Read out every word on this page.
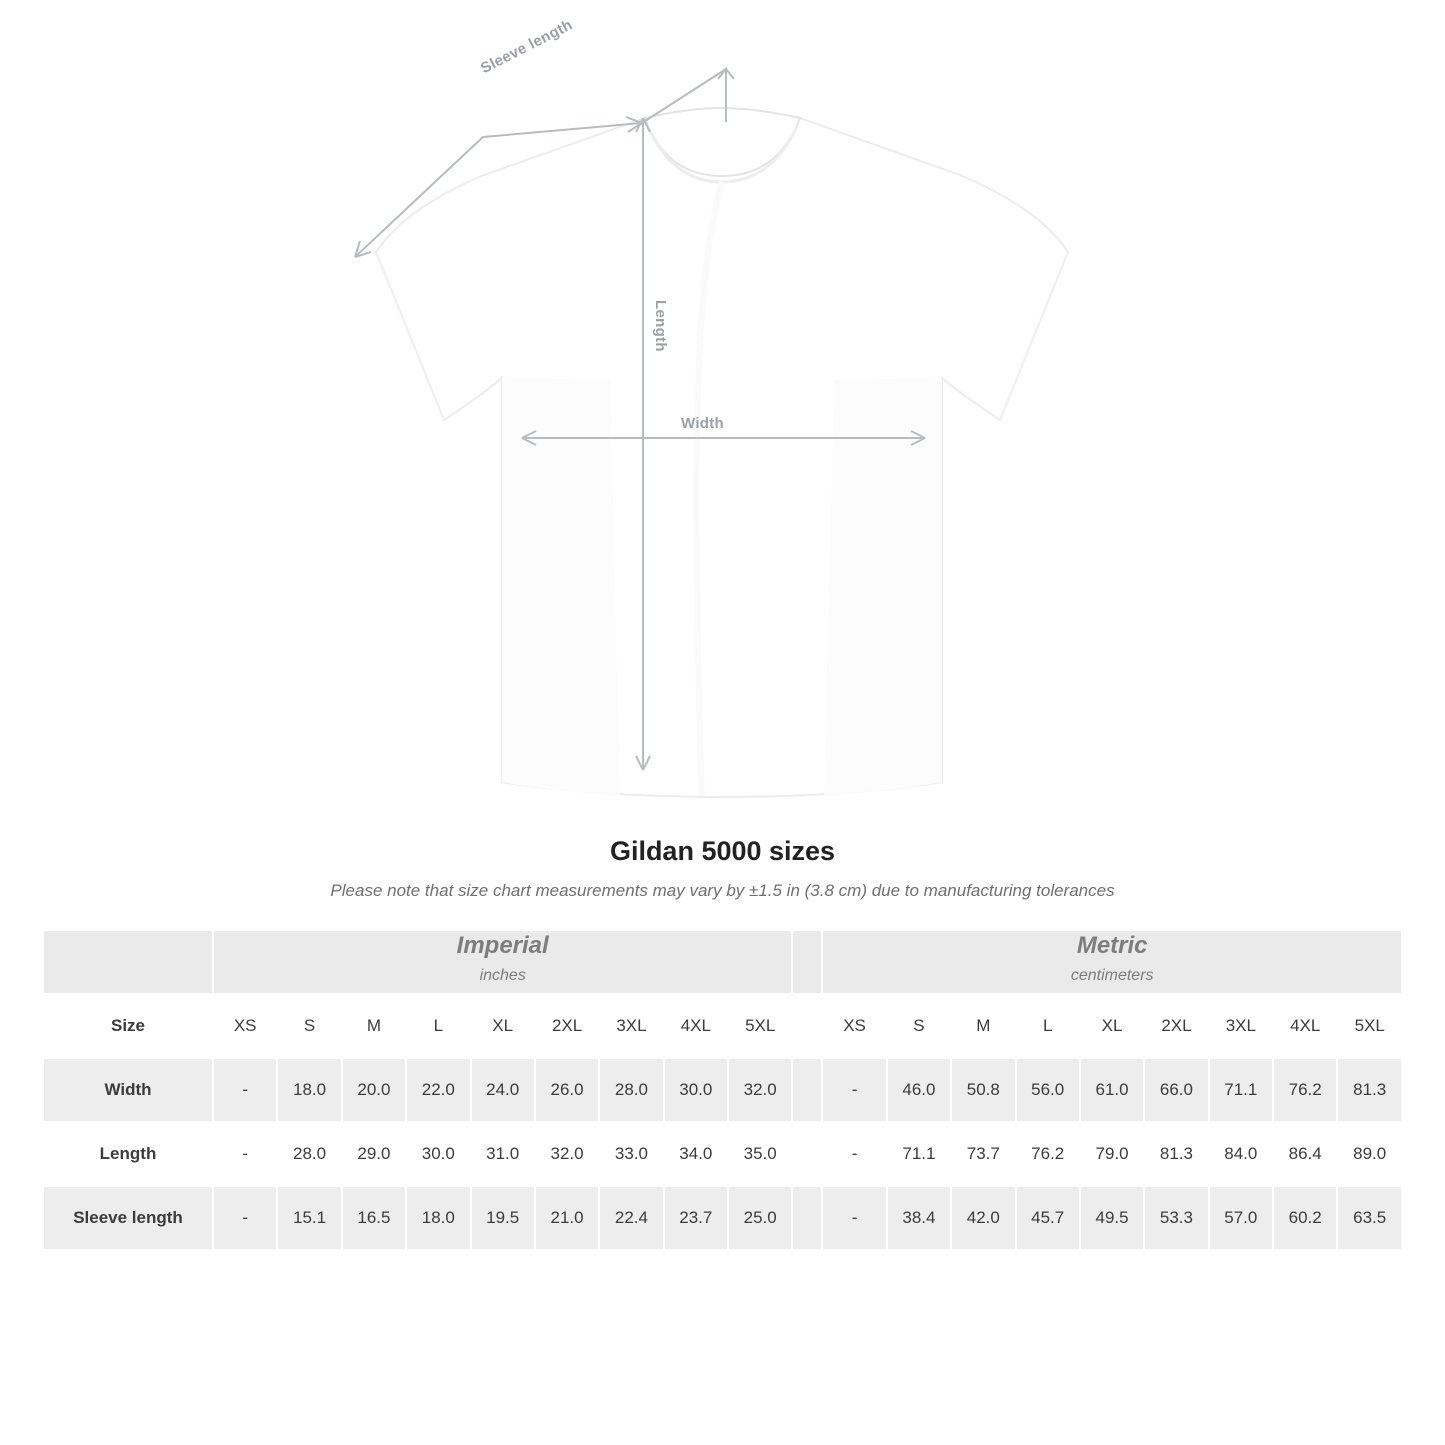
Sleeve length
Length
Width
Gildan 5000 sizes

Please note that size chart measurements may vary by ±1.5 in (3.8 cm) due to manufacturing tolerances

Imperial
inches

Metric
centimeters

Size	XS	S	M	L	XL	2XL	3XL	4XL	5XL		XS	S	M	L	XL	2XL	3XL	4XL	5XL
Width	-	18.0	20.0	22.0	24.0	26.0	28.0	30.0	32.0		-	46.0	50.8	56.0	61.0	66.0	71.1	76.2	81.3
Length	-	28.0	29.0	30.0	31.0	32.0	33.0	34.0	35.0		-	71.1	73.7	76.2	79.0	81.3	84.0	86.4	89.0
Sleeve length	-	15.1	16.5	18.0	19.5	21.0	22.4	23.7	25.0		-	38.4	42.0	45.7	49.5	53.3	57.0	60.2	63.5
